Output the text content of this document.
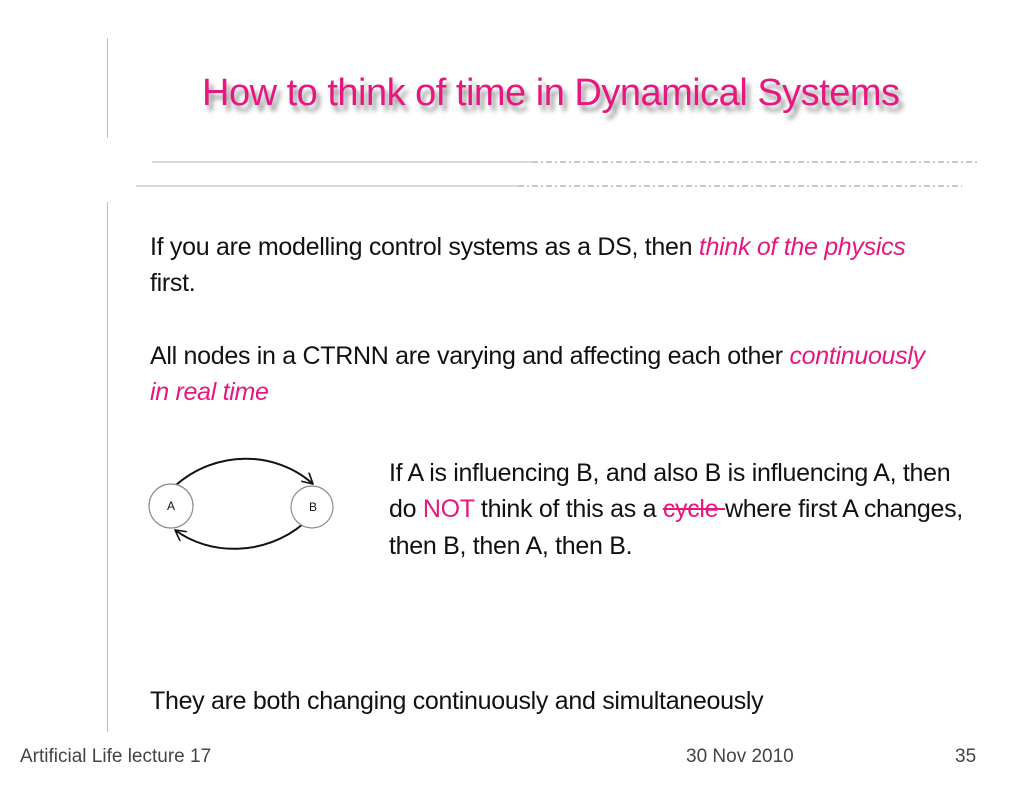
How to think of time in Dynamical Systems

If you are modelling control systems as a DS, then think of the physics first.

All nodes in a CTRNN are varying and affecting each other continuously in real time

A	B

If A is influencing B, and also B is influencing A, then do NOT think of this as a cycle where first A changes, then B, then A, then B.

They are both changing continuously and simultaneously

Artificial Life lecture 17	30 Nov 2010	35
